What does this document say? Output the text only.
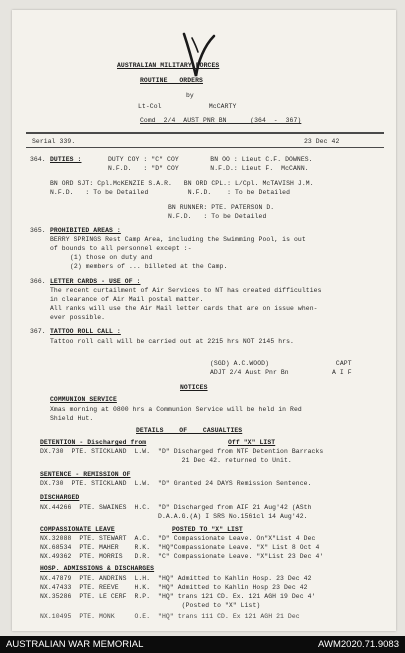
AUSTRALIAN MILITARY FORCES
ROUTINE   ORDERS
by
Lt-Col            McCARTY
Comd  2/4  AUST PNR BN      (364  -  367)
Serial 339.	23 Dec 42
364. DUTIES :	DUTY COY : "C" COY        BN OO : Lieut C.F. DOWNES.
N.F.D.   : "D" COY        N.F.D.: Lieut F.  McCANN.
BN ORD SJT: Cpl.McKENZIE S.A.R.   BN ORD CPL.: L/Cpl. McTAVISH J.M.
N.F.D.   : To be Detailed          N.F.D.    : To be Detailed
BN RUNNER: PTE. PATERSON D.
N.F.D.   : To be Detailed
365. PROHIBITED AREAS :
BERRY SPRINGS Rest Camp Area, including the Swimming Pool, is out
of bounds to all personnel except :-
(1) those on duty and
(2) members of ... billeted at the Camp.
366. LETTER CARDS - USE OF :
The recent curtailment of Air Services to NT has created difficulties
in clearance of Air Mail postal matter.
All ranks will use the Air Mail letter cards that are on issue when-
ever possible.
367. TATTOO ROLL CALL :
Tattoo roll call will be carried out at 2215 hrs NOT 2145 hrs.
(SGD) A.C.WOOD)                 CAPT
ADJT 2/4 Aust Pnr Bn           A I F
NOTICES
COMMUNION SERVICE
Xmas morning at 0800 hrs a Communion Service will be held in Red
Shield Hut.
DETAILS    OF    CASUALTIES
DETENTION - Discharged from	Off "X" LIST
DX.730  PTE. STICKLAND  L.W.  "D" Discharged from NTF Detention Barracks
21 Dec 42. returned to Unit.
SENTENCE - REMISSION OF
DX.730  PTE. STICKLAND  L.W.  "D" Granted 24 DAYS Remission Sentence.
DISCHARGED
NX.44266  PTE. SWAINES  H.C.  "D" Discharged from AIF 21 Aug'42 (ASth
D.A.A.G.(A) I SRS No.1561cl 14 Aug'42.
COMPASSIONATE LEAVE	POSTED TO "X" LIST
NX.32088  PTE. STEWART  A.C.  "D" Compassionate Leave. On"X"List 4 Dec
NX.68534  PTE. MAHER    R.K.  "HQ"Compassionate Leave. "X" List 8 Oct 4
NX.49362  PTE. MORRIS   D.R.  "C" Compassionate Leave. "X"List 23 Dec 4'
HOSP. ADMISSIONS & DISCHARGES
NX.47879  PTE. ANDRINS  L.H.  "HQ" Admitted to Kahlin Hosp. 23 Dec 42
NX.47433  PTE. REEVE    H.K.  "HQ" Admitted to Kahlin Hosp 23 Dec 42
NX.35286  PTE. LE CERF  R.P.  "HQ" trans 121 CD. Ex. 121 AGH 19 Dec 4'
(Posted to "X" List)
NX.10495  PTE. MONK     O.E.  "HQ" trans 111 CD. Ex 121 AGH 21 Dec
AUSTRALIAN WAR MEMORIAL	AWM2020.71.9083
